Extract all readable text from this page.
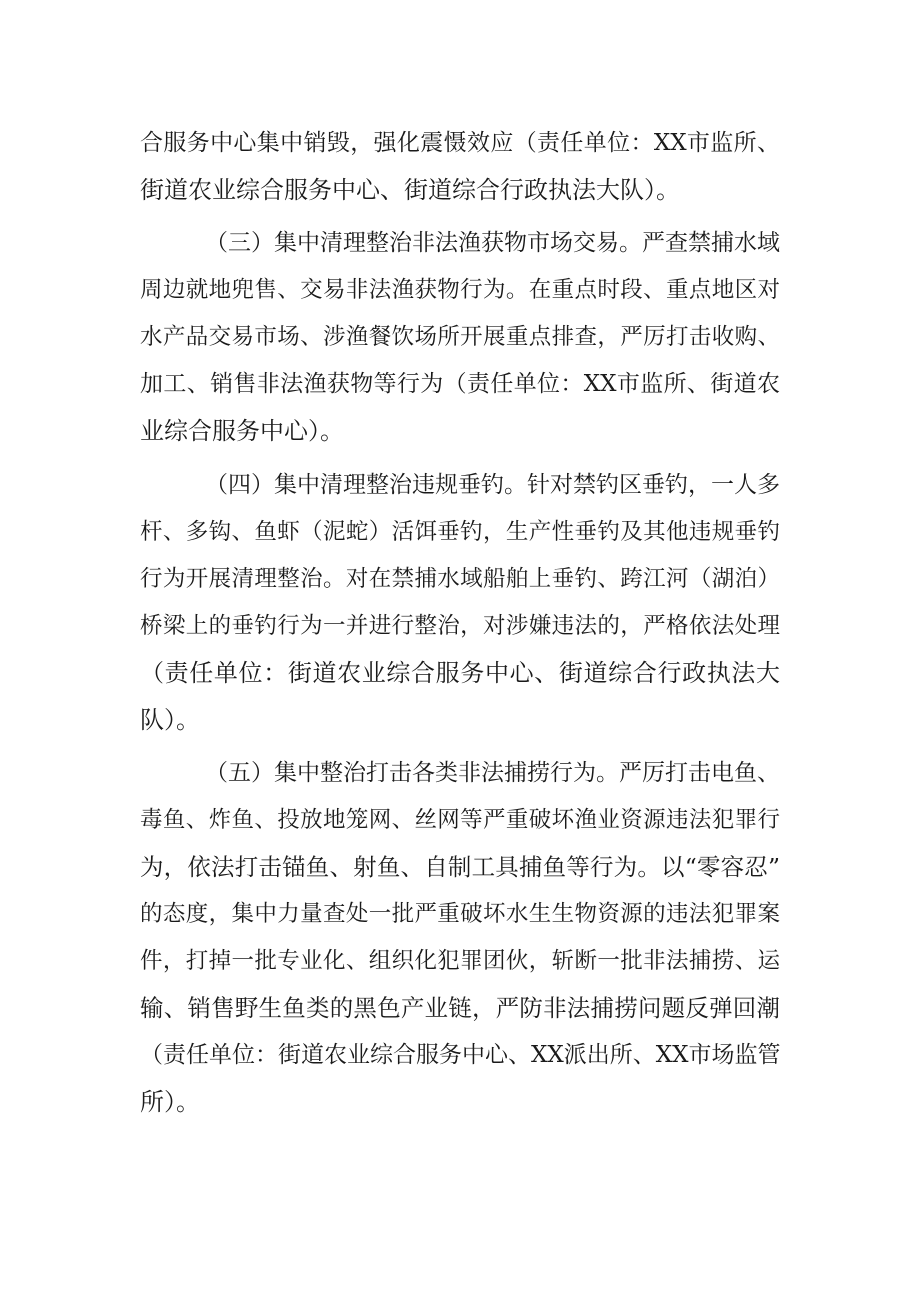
合服务中心集中销毁，强化震慑效应（责任单位：XX市监所、
街道农业综合服务中心、街道综合行政执法大队）。
（三）集中清理整治非法渔获物市场交易。严查禁捕水域
周边就地兜售、交易非法渔获物行为。在重点时段、重点地区对
水产品交易市场、涉渔餐饮场所开展重点排查，严厉打击收购、
加工、销售非法渔获物等行为（责任单位：XX市监所、街道农
业综合服务中心）。
（四）集中清理整治违规垂钓。针对禁钓区垂钓，一人多
杆、多钩、鱼虾（泥蛇）活饵垂钓，生产性垂钓及其他违规垂钓
行为开展清理整治。对在禁捕水域船舶上垂钓、跨江河（湖泊）
桥梁上的垂钓行为一并进行整治，对涉嫌违法的，严格依法处理
（责任单位：街道农业综合服务中心、街道综合行政执法大
队）。
（五）集中整治打击各类非法捕捞行为。严厉打击电鱼、
毒鱼、炸鱼、投放地笼网、丝网等严重破坏渔业资源违法犯罪行
为，依法打击锚鱼、射鱼、自制工具捕鱼等行为。以“零容忍”
的态度，集中力量查处一批严重破坏水生生物资源的违法犯罪案
件，打掉一批专业化、组织化犯罪团伙，斩断一批非法捕捞、运
输、销售野生鱼类的黑色产业链，严防非法捕捞问题反弹回潮
（责任单位：街道农业综合服务中心、XX派出所、XX市场监管
所）。
